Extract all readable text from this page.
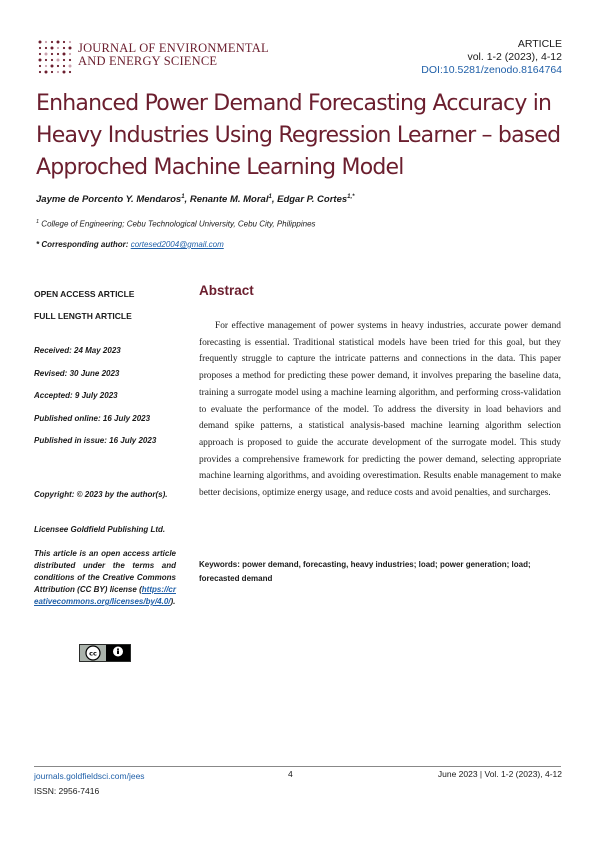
JOURNAL OF ENVIRONMENTAL
AND ENERGY SCIENCE
ARTICLE
vol. 1-2 (2023), 4-12
DOI:10.5281/zenodo.8164764
Enhanced Power Demand Forecasting Accuracy in Heavy Industries Using Regression Learner – based Approched Machine Learning Model
Jayme de Porcento Y. Mendaros$^1$, Renante M. Moral$^1$, Edgar P. Cortes$^{1,*}$
$^1$ College of Engineering; Cebu Technological University, Cebu City, Philippines
* Corresponding author: cortesed2004@gmail.com
OPEN ACCESS ARTICLE
FULL LENGTH ARTICLE
Received: 24 May 2023
Revised: 30 June 2023
Accepted: 9 July 2023
Published online: 16 July 2023
Published in issue: 16 July 2023
Copyright: © 2023 by the author(s).
Licensee Goldfield Publishing Ltd.
This article is an open access article distributed under the terms and conditions of the Creative Commons Attribution (CC BY) license (https://creativecommons.org/licenses/by/4.0/).
cc
Abstract

For effective management of power systems in heavy industries, accurate power demand forecasting is essential. Traditional statistical models have been tried for this goal, but they frequently struggle to capture the intricate patterns and connections in the data. This paper proposes a method for predicting these power demand, it involves preparing the baseline data, training a surrogate model using a machine learning algorithm, and performing cross-validation to evaluate the performance of the model. To address the diversity in load behaviors and demand spike patterns, a statistical analysis-based machine learning algorithm selection approach is proposed to guide the accurate development of the surrogate model. This study provides a comprehensive framework for predicting the power demand, selecting appropriate machine learning algorithms, and avoiding overestimation. Results enable management to make better decisions, optimize energy usage, and reduce costs and avoid penalties, and surcharges.

Keywords: power demand, forecasting, heavy industries; load; power generation; load; forecasted demand
journals.goldfieldsci.com/jees
ISSN: 2956-7416
4	June 2023 | Vol. 1-2 (2023), 4-12
